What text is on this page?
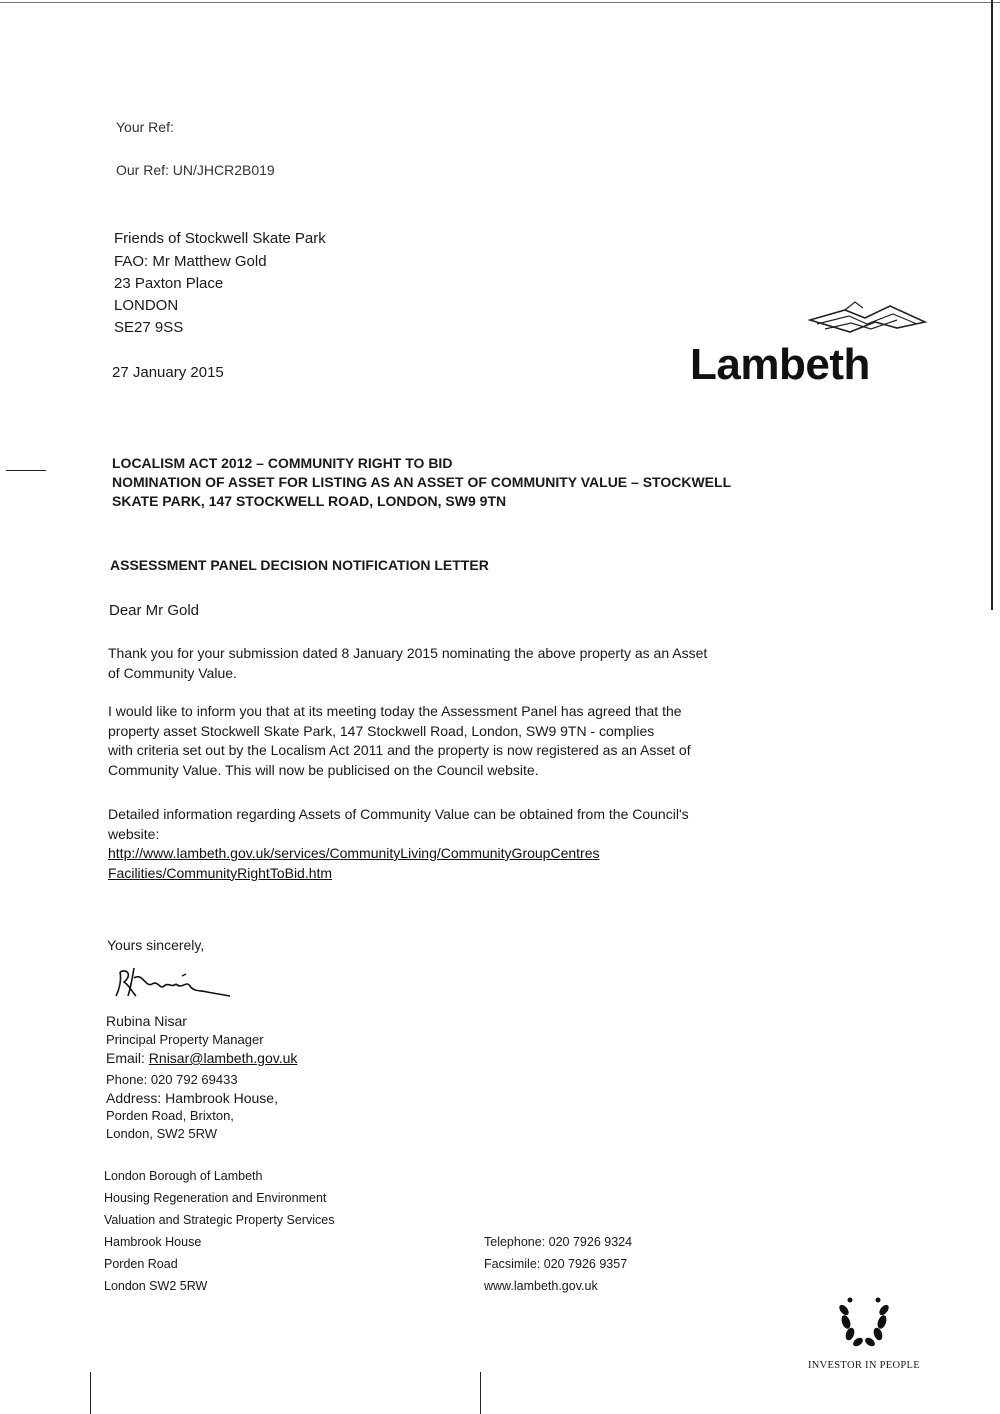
Your Ref:
Our Ref: UN/JHCR2B019
Friends of Stockwell Skate Park
FAO: Mr Matthew Gold
23 Paxton Place
LONDON
SE27 9SS
27 January 2015	Lambeth
LOCALISM ACT 2012 – COMMUNITY RIGHT TO BID
NOMINATION OF ASSET FOR LISTING AS AN ASSET OF COMMUNITY VALUE – STOCKWELL
SKATE PARK, 147 STOCKWELL ROAD, LONDON, SW9 9TN
ASSESSMENT PANEL DECISION NOTIFICATION LETTER
Dear Mr Gold
Thank you for your submission dated 8 January 2015 nominating the above property as an Asset
of Community Value.
I would like to inform you that at its meeting today the Assessment Panel has agreed that the
property asset Stockwell Skate Park, 147 Stockwell Road, London, SW9 9TN - complies
with criteria set out by the Localism Act 2011 and the property is now registered as an Asset of
Community Value. This will now be publicised on the Council website.
Detailed information regarding Assets of Community Value can be obtained from the Council's
website:
http://www.lambeth.gov.uk/services/CommunityLiving/CommunityGroupCentres
Facilities/CommunityRightToBid.htm
Yours sincerely,
Rubina Nisar
Principal Property Manager
Email: Rnisar@lambeth.gov.uk
Phone: 020 792 69433
Address: Hambrook House,
Porden Road, Brixton,
London, SW2 5RW
London Borough of Lambeth
Housing Regeneration and Environment
Valuation and Strategic Property Services
Hambrook House
Porden Road
London SW2 5RW
Telephone: 020 7926 9324
Facsimile: 020 7926 9357
www.lambeth.gov.uk
INVESTOR IN PEOPLE
